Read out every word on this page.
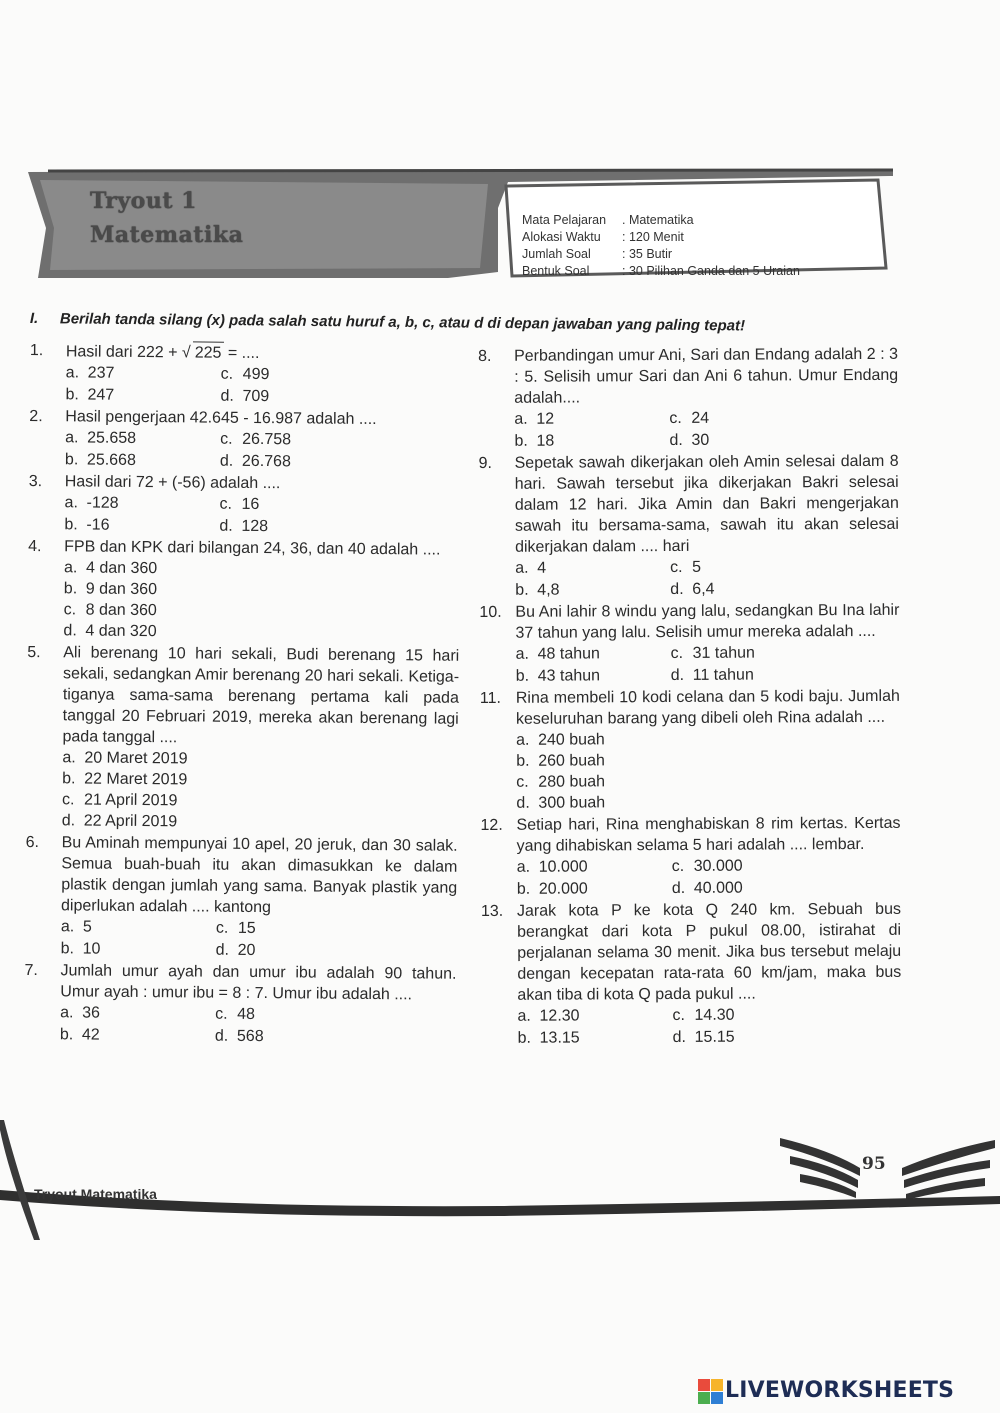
Tryout 1
Matematika
Mata Pelajaran	. Matematika
Alokasi Waktu	: 120 Menit
Jumlah Soal	: 35 Butir
Bentuk Soal	: 30 Pilihan Ganda dan 5 Uraian
I. Berilah tanda silang (x) pada salah satu huruf a, b, c, atau d di depan jawaban yang paling tepat!
1.	Hasil dari 222 + √ 225 = ....
a. 237	c. 499
b. 247	d. 709
2.	Hasil pengerjaan 42.645 - 16.987 adalah ....
a. 25.658	c. 26.758
b. 25.668	d. 26.768
3.	Hasil dari 72 + (-56) adalah ....
a. -128	c. 16
b. -16	d. 128
4.	FPB dan KPK dari bilangan 24, 36, dan 40 adalah ....
a. 4 dan 360
b. 9 dan 360
c. 8 dan 360
d. 4 dan 320
5.	Ali berenang 10 hari sekali, Budi berenang 15 hari sekali, sedangkan Amir berenang 20 hari sekali. Ketiga-tiganya sama-sama berenang pertama kali pada tanggal 20 Februari 2019, mereka akan berenang lagi pada tanggal ....
a. 20 Maret 2019
b. 22 Maret 2019
c. 21 April 2019
d. 22 April 2019
6.	Bu Aminah mempunyai 10 apel, 20 jeruk, dan 30 salak. Semua buah-buah itu akan dimasukkan ke dalam plastik dengan jumlah yang sama. Banyak plastik yang diperlukan adalah .... kantong
a. 5	c. 15
b. 10	d. 20
7.	Jumlah umur ayah dan umur ibu adalah 90 tahun. Umur ayah : umur ibu = 8 : 7. Umur ibu adalah ....
a. 36	c. 48
b. 42	d. 568
8.	Perbandingan umur Ani, Sari dan Endang adalah 2 : 3 : 5. Selisih umur Sari dan Ani 6 tahun. Umur Endang adalah....
a. 12	c. 24
b. 18	d. 30
9.	Sepetak sawah dikerjakan oleh Amin selesai dalam 8 hari. Sawah tersebut jika dikerjakan Bakri selesai dalam 12 hari. Jika Amin dan Bakri mengerjakan sawah itu bersama-sama, sawah itu akan selesai dikerjakan dalam .... hari
a. 4	c. 5
b. 4,8	d. 6,4
10. Bu Ani lahir 8 windu yang lalu, sedangkan Bu Ina lahir 37 tahun yang lalu. Selisih umur mereka adalah ....
a. 48 tahun	c. 31 tahun
b. 43 tahun	d. 11 tahun
11. Rina membeli 10 kodi celana dan 5 kodi baju. Jumlah keseluruhan barang yang dibeli oleh Rina adalah ....
a. 240 buah
b. 260 buah
c. 280 buah
d. 300 buah
12. Setiap hari, Rina menghabiskan 8 rim kertas. Kertas yang dihabiskan selama 5 hari adalah .... lembar.
a. 10.000	c. 30.000
b. 20.000	d. 40.000
13. Jarak kota P ke kota Q 240 km. Sebuah bus berangkat dari kota P pukul 08.00, istirahat di perjalanan selama 30 menit. Jika bus tersebut melaju dengan kecepatan rata-rata 60 km/jam, maka bus akan tiba di kota Q pada pukul ....
a. 12.30	c. 14.30
b. 13.15	d. 15.15
95
Tryout Matematika
LIVEWORKSHEETS
